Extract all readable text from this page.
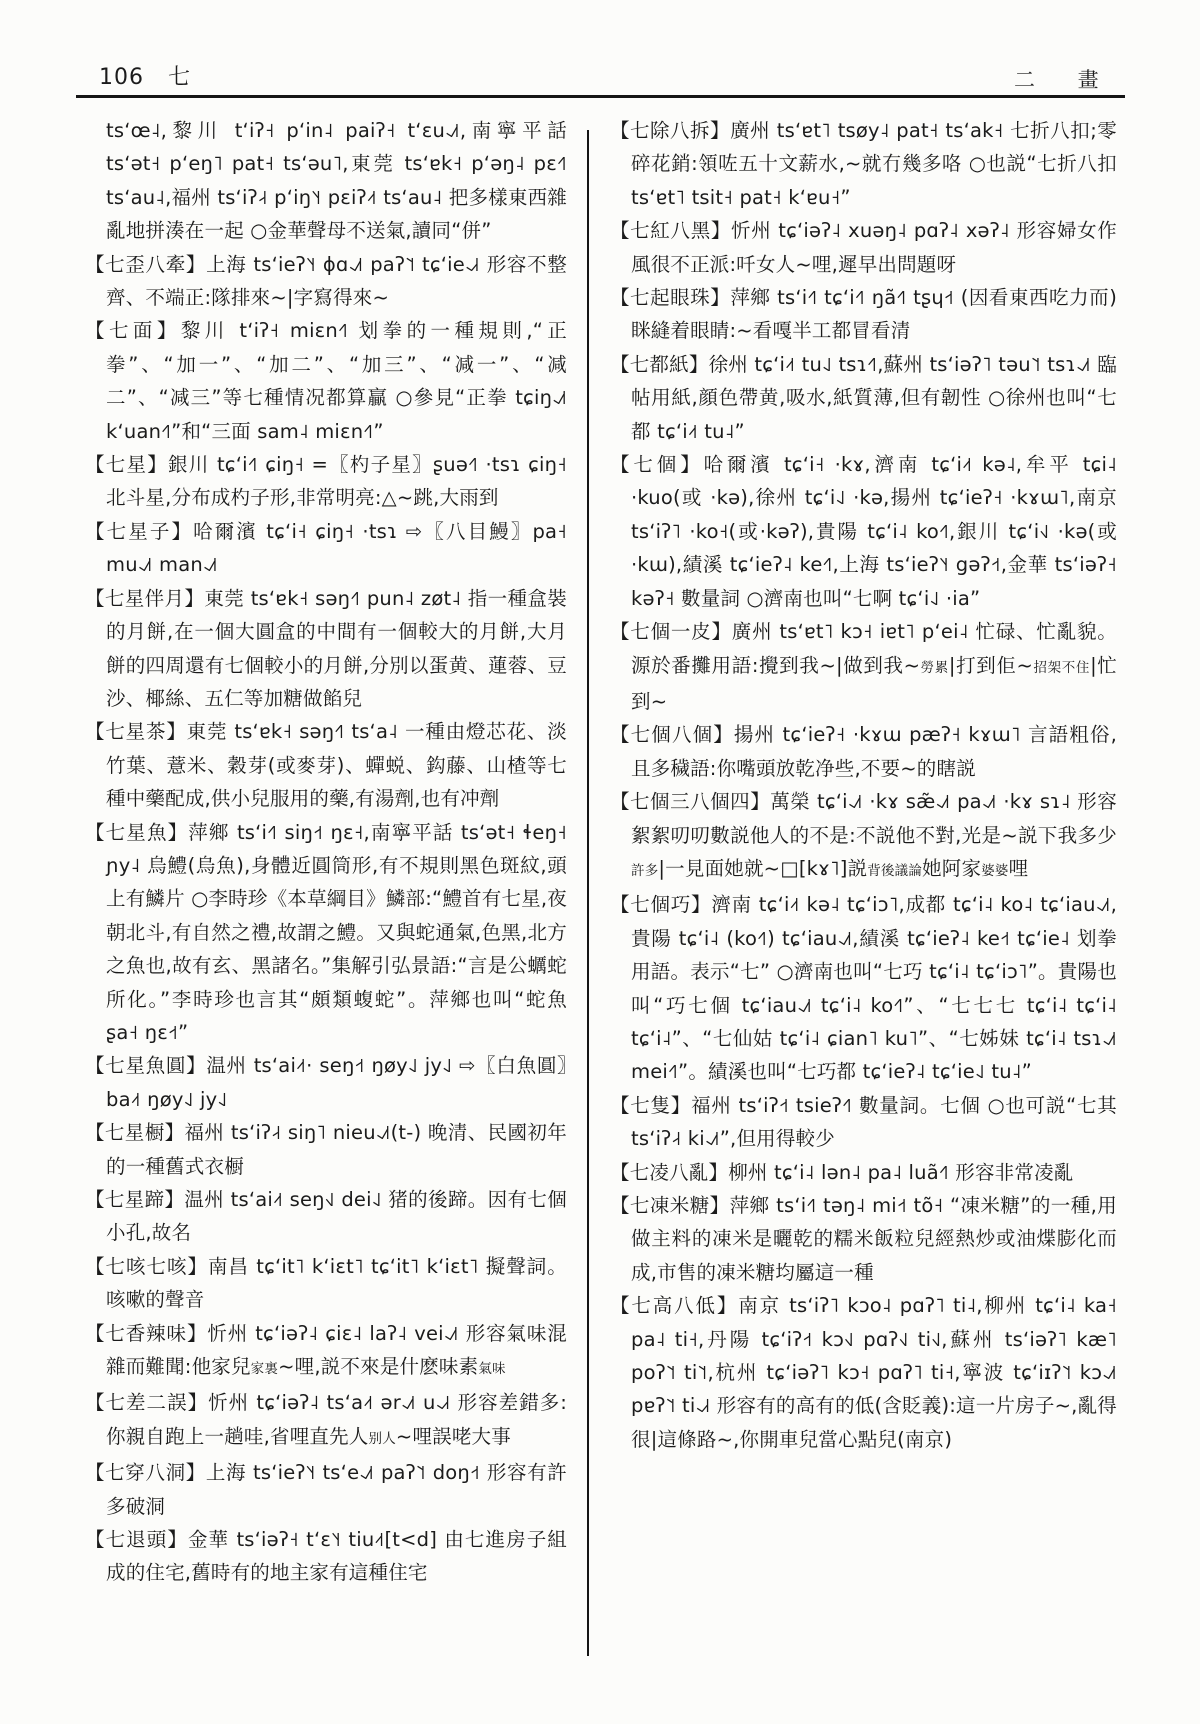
106 七	二 畫
tsʻœ˨,黎川 tʻiʔ˧ pʻin˨ paiʔ˧ tʻɛu˨˩˦,南寧平話 tsʻət˧ pʻeŋ˥ pat˧ tsʻəu˥,東莞 tsʻɐk˧ pʻəŋ˨ pɛ˧˥ tsʻau˨,福州 tsʻiʔ˨˧ pʻiŋ˥˧ pɛiʔ˨˦ tsʻau˨ 把多樣東西雜亂地拼湊在一起 ○金華聲母不送氣,讀同“併”
【七歪八牽】上海 tsʻieʔ˥˧ ɸɑ˨˩˦ paʔ˥˦ tɕʻie˨˩˧ 形容不整齊、不端正:隊排來~|字寫得來~
【七面】黎川 tʻiʔ˧ miɛn˧˥ 划拳的一種規則,“正拳”、“加一”、“加二”、“加三”、“减一”、“减二”、“减三”等七種情况都算贏 ○參見“正拳 tɕiŋ˨˩˦ kʻuan˧˥”和“三面 sam˨ miɛn˧˥”
【七星】銀川 tɕʻi˧˥ ɕiŋ˧ =〖杓子星〗ʂuə˧˥ ·tsɿ ɕiŋ˧ 北斗星,分布成杓子形,非常明亮:△~跳,大雨到
【七星子】哈爾濱 tɕʻi˧ ɕiŋ˧ ·tsɿ ⇨〖八目鰻〗pa˧ mu˨˩˦ man˨˩˦
【七星伴月】東莞 tsʻɐk˧ səŋ˧˥ pun˨ zøt˨ 指一種盒裝的月餅,在一個大圓盒的中間有一個較大的月餅,大月餅的四周還有七個較小的月餅,分別以蛋黄、蓮蓉、豆沙、椰絲、五仁等加糖做餡兒
【七星茶】東莞 tsʻɐk˧ səŋ˧˥ tsʻa˨ 一種由燈芯花、淡竹葉、薏米、穀芽(或麥芽)、蟬蜕、鈎藤、山楂等七種中藥配成,供小兒服用的藥,有湯劑,也有冲劑
【七星魚】萍鄉 tsʻi˧˥ siŋ˧˦ ŋɛ˧,南寧平話 tsʻət˧ ɬeŋ˧ ɲy˨ 烏鱧(烏魚),身體近圓筒形,有不規則黑色斑紋,頭上有鱗片 ○李時珍《本草綱目》鱗部:“鱧首有七星,夜朝北斗,有自然之禮,故謂之鱧。又與蛇通氣,色黑,北方之魚也,故有玄、黑諸名。”集解引弘景語:“言是公蠣蛇所化。”李時珍也言其“頗類蝮蛇”。萍鄉也叫“蛇魚 ʂa˧ ŋɛ˧˦”
【七星魚圓】温州 tsʻai˨˦· seŋ˧˦ ŋøy˨˩ jy˨˩ ⇨〖白魚圓〗ba˨˦ ŋøy˨˩ jy˨˩
【七星橱】福州 tsʻiʔ˨˧ siŋ˥ nieu˨˩˦(t-) 晚清、民國初年的一種舊式衣橱
【七星蹄】温州 tsʻai˨˦ seŋ˧˩ dei˨˩ 猪的後蹄。因有七個小孔,故名
【七咳七咳】南昌 tɕʻit˥ kʻiɛt˥ tɕʻit˥ kʻiɛt˥ 擬聲詞。咳嗽的聲音
【七香辣味】忻州 tɕʻiəʔ˨ ɕiɛ˨ laʔ˨ vei˨˩˦ 形容氣味混雜而難聞:他家兒家裏~哩,説不來是什麽味素氣味
【七差二誤】忻州 tɕʻiəʔ˨ tsʻa˨˦ ər˨˩˦ u˨˩˧ 形容差錯多:你親自跑上一趟哇,省哩直先人别人~哩誤咾大事
【七穿八洞】上海 tsʻieʔ˥˧ tsʻe˨˩˦ paʔ˥˦ doŋ˧˦ 形容有許多破洞
【七退頭】金華 tsʻiəʔ˧ tʻɛ˥˧ tiu˨˦[t<d] 由七進房子組成的住宅,舊時有的地主家有這種住宅
【七除八拆】廣州 tsʻɐt˥ tsøy˨ pat˧ tsʻak˧ 七折八扣;零碎花銷:領咗五十文薪水,~就冇幾多咯 ○也説“七折八扣 tsʻɐt˥ tsit˧ pat˧ kʻɐu˧”
【七紅八黑】忻州 tɕʻiəʔ˨ xuəŋ˨ pɑʔ˨ xəʔ˨ 形容婦女作風很不正派:吀女人~哩,遲早出問題呀
【七起眼珠】萍鄉 tsʻi˧˥ tɕʻi˧˥ ŋã˧˥ tʂɥ˧˦ (因看東西吃力而)眯縫着眼睛:~看嘎半工都冒看清
【七都紙】徐州 tɕʻi˨˦ tu˨˩ tsɿ˧˥,蘇州 tsʻiəʔ˥ təu˥˦ tsɿ˨˩˦ 臨帖用紙,顔色帶黄,吸水,紙質薄,但有韌性 ○徐州也叫“七都 tɕʻi˨˦ tu˨”
【七個】哈爾濱 tɕʻi˧ ·kɤ,濟南 tɕʻi˨˦ kə˨,牟平 tɕi˨ ·kuo(或 ·kə),徐州 tɕʻi˨˩ ·kə,揚州 tɕʻieʔ˧ ·kɤɯ˥,南京 tsʻiʔ˥ ·ko˧(或·kəʔ),貴陽 tɕʻi˨ ko˧˥,銀川 tɕʻi˧˩ ·kə(或·kɯ),績溪 tɕʻieʔ˨ ke˧˥,上海 tsʻieʔ˥˧ gəʔ˧˦,金華 tsʻiəʔ˧ kəʔ˧ 數量詞 ○濟南也叫“七啊 tɕʻi˨˩ ·ia”
【七個一皮】廣州 tsʻɐt˥ kɔ˧ iɐt˥ pʻei˨ 忙碌、忙亂貌。源於番攤用語:攪到我~|做到我~勞累|打到佢~招架不住|忙到~
【七個八個】揚州 tɕʻieʔ˧ ·kɤɯ pæʔ˧ kɤɯ˥ 言語粗俗,且多穢語:你嘴頭放乾净些,不要~的瞎説
【七個三八個四】萬榮 tɕʻi˨˩˦ ·kɤ sæ̃˨˩˦ pa˨˩˦ ·kɤ sɿ˨ 形容絮絮叨叨數説他人的不是:不説他不對,光是~説下我多少許多|一見面她就~□[kɤ˥]説背後議論她阿家婆婆哩
【七個巧】濟南 tɕʻi˨˦ kə˨ tɕʻiɔ˥,成都 tɕʻi˨ ko˨ tɕʻiau˨˩˦,貴陽 tɕʻi˨ (ko˧˥) tɕʻiau˨˩˦,績溪 tɕʻieʔ˨ ke˧˦ tɕʻie˨ 划拳用語。表示“七” ○濟南也叫“七巧 tɕʻi˨ tɕʻiɔ˥”。貴陽也叫“巧七個 tɕʻiau˨˩˦ tɕʻi˨ ko˧˥”、“七七七 tɕʻi˨ tɕʻi˨ tɕʻi˨”、“七仙姑 tɕʻi˨ ɕian˥ ku˥”、“七姊妹 tɕʻi˨ tsɿ˨˩˦ mei˧˥”。績溪也叫“七巧都 tɕʻieʔ˨ tɕʻie˨˩ tu˨”
【七隻】福州 tsʻiʔ˧˦ tsieʔ˧˥ 數量詞。七個 ○也可説“七其 tsʻiʔ˨˧ ki˨˩˦”,但用得較少
【七凌八亂】柳州 tɕʻi˨ lən˨ pa˨ luã˧˥ 形容非常凌亂
【七凍米糖】萍鄉 tsʻi˧˥ təŋ˨ mi˧˦ tõ˧ “凍米糖”的一種,用做主料的凍米是曬乾的糯米飯粒兒經熱炒或油煠膨化而成,市售的凍米糖均屬這一種
【七高八低】南京 tsʻiʔ˥ kɔo˨ pɑʔ˥ ti˨,柳州 tɕʻi˨ ka˧ pa˨ ti˧,丹陽 tɕʻiʔ˧˦ kɔ˧˩ pɑʔ˧˩ ti˧˩,蘇州 tsʻiəʔ˥ kæ˥ poʔ˥˦ ti˥˦,杭州 tɕʻiəʔ˥ kɔ˧ pɑʔ˥ ti˧,寧波 tɕʻiɪʔ˥˦ kɔ˨˩˦ pɐʔ˥˦ ti˨˩˧ 形容有的高有的低(含貶義):這一片房子~,亂得很|這條路~,你開車兒當心點兒(南京)
